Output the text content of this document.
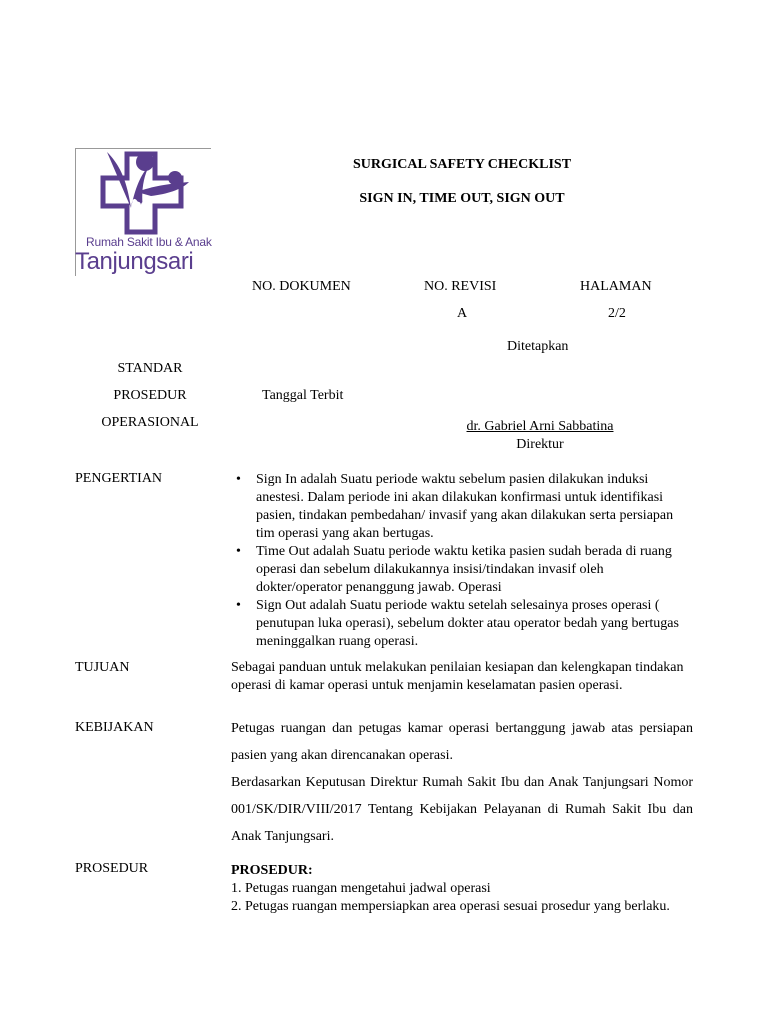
Rumah Sakit Ibu & Anak
Tanjungsari
SURGICAL SAFETY CHECKLIST
SIGN IN, TIME OUT, SIGN OUT
NO. DOKUMEN	NO. REVISI	HALAMAN
A	2/2
Ditetapkan
STANDAR
PROSEDUR
OPERASIONAL
Tanggal Terbit
dr. Gabriel Arni Sabbatina
Direktur
PENGERTIAN
•	Sign In adalah Suatu periode waktu sebelum pasien dilakukan induksi anestesi. Dalam periode ini akan dilakukan konfirmasi untuk identifikasi pasien, tindakan pembedahan/ invasif yang akan dilakukan serta persiapan tim operasi yang akan bertugas.
• Time Out adalah Suatu periode waktu ketika pasien sudah berada di ruang operasi dan sebelum dilakukannya insisi/tindakan invasif oleh dokter/operator penanggung jawab. Operasi
• Sign Out adalah Suatu periode waktu setelah selesainya proses operasi ( penutupan luka operasi), sebelum dokter atau operator bedah yang bertugas meninggalkan ruang operasi.
TUJUAN	Sebagai panduan untuk melakukan penilaian kesiapan dan kelengkapan tindakan operasi di kamar operasi untuk menjamin keselamatan pasien operasi.
KEBIJAKAN	Petugas ruangan dan petugas kamar operasi bertanggung jawab atas persiapan pasien yang akan direncanakan operasi.
Berdasarkan Keputusan Direktur Rumah Sakit Ibu dan Anak Tanjungsari Nomor 001/SK/DIR/VIII/2017 Tentang Kebijakan Pelayanan di Rumah Sakit Ibu dan Anak Tanjungsari.
PROSEDUR	PROSEDUR:
1. Petugas ruangan mengetahui jadwal operasi
2. Petugas ruangan mempersiapkan area operasi sesuai prosedur yang berlaku.
